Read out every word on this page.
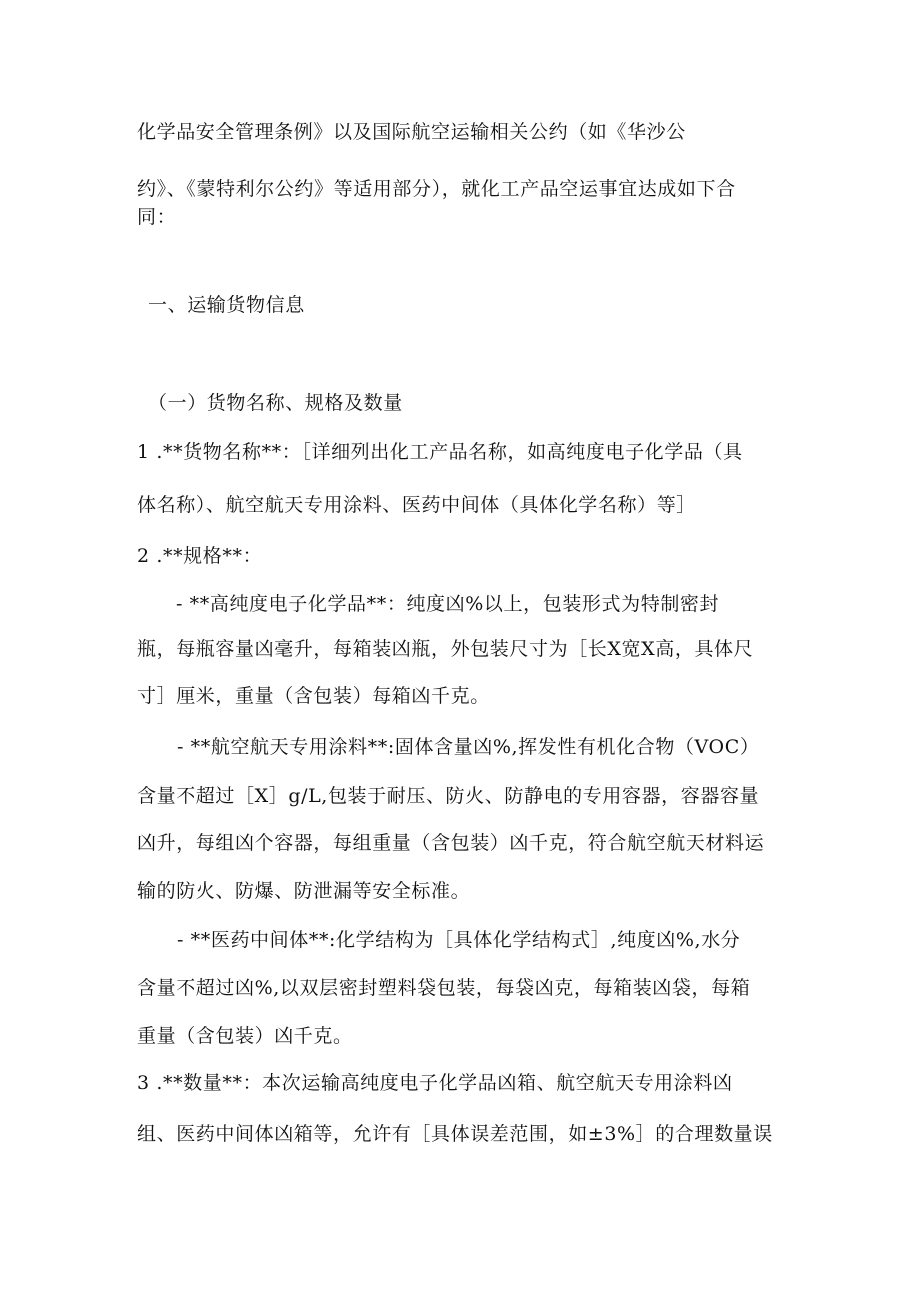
化学品安全管理条例》以及国际航空运输相关公约（如《华沙公
约》、《蒙特利尔公约》等适用部分），就化工产品空运事宜达成如下合
同：
一、运输货物信息
（一）货物名称、规格及数量
1 .**货物名称**：［详细列出化工产品名称，如高纯度电子化学品（具
体名称）、航空航天专用涂料、医药中间体（具体化学名称）等］
2 .**规格**：
- **高纯度电子化学品**：纯度凶%以上，包装形式为特制密封
瓶，每瓶容量凶毫升，每箱装凶瓶，外包装尺寸为［长X宽X高，具体尺
寸］厘米，重量（含包装）每箱凶千克。
- **航空航天专用涂料**:固体含量凶%,挥发性有机化合物（VOC）
含量不超过［X］g/L,包装于耐压、防火、防静电的专用容器，容器容量
凶升，每组凶个容器，每组重量（含包装）凶千克，符合航空航天材料运
输的防火、防爆、防泄漏等安全标准。
- **医药中间体**:化学结构为［具体化学结构式］,纯度凶%,水分
含量不超过凶%,以双层密封塑料袋包装，每袋凶克，每箱装凶袋，每箱
重量（含包装）凶千克。
3 .**数量**：本次运输高纯度电子化学品凶箱、航空航天专用涂料凶
组、医药中间体凶箱等，允许有［具体误差范围，如±3%］的合理数量误
